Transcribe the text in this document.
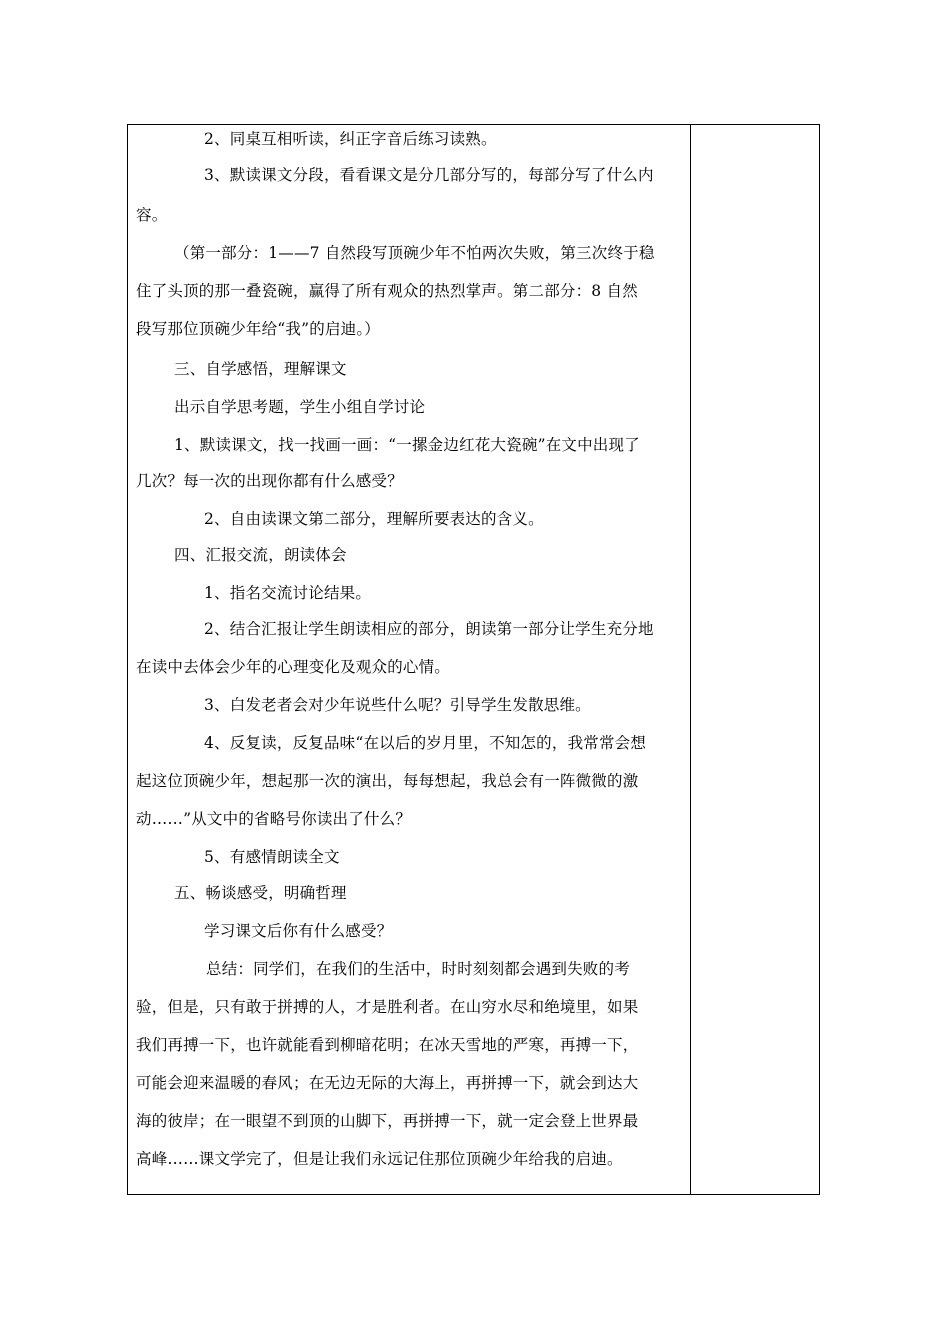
2、同桌互相听读，纠正字音后练习读熟。
3、默读课文分段，看看课文是分几部分写的，每部分写了什么内
容。
（第一部分：1——7 自然段写顶碗少年不怕两次失败，第三次终于稳
住了头顶的那一叠瓷碗，赢得了所有观众的热烈掌声。第二部分：8 自然
段写那位顶碗少年给“我”的启迪。）
三、自学感悟，理解课文
出示自学思考题，学生小组自学讨论
1、默读课文，找一找画一画：“一摞金边红花大瓷碗”在文中出现了
几次？每一次的出现你都有什么感受？
2、自由读课文第二部分，理解所要表达的含义。
四、汇报交流，朗读体会
1、指名交流讨论结果。
2、结合汇报让学生朗读相应的部分，朗读第一部分让学生充分地
在读中去体会少年的心理变化及观众的心情。
3、白发老者会对少年说些什么呢？引导学生发散思维。
4、反复读，反复品味“在以后的岁月里，不知怎的，我常常会想
起这位顶碗少年，想起那一次的演出，每每想起，我总会有一阵微微的激
动……”从文中的省略号你读出了什么？
5、有感情朗读全文
五、畅谈感受，明确哲理
学习课文后你有什么感受？
总结：同学们，在我们的生活中，时时刻刻都会遇到失败的考
验，但是，只有敢于拼搏的人，才是胜利者。在山穷水尽和绝境里，如果
我们再搏一下，也许就能看到柳暗花明；在冰天雪地的严寒，再搏一下，
可能会迎来温暖的春风；在无边无际的大海上，再拼搏一下，就会到达大
海的彼岸；在一眼望不到顶的山脚下，再拼搏一下，就一定会登上世界最
高峰……课文学完了，但是让我们永远记住那位顶碗少年给我的启迪。
